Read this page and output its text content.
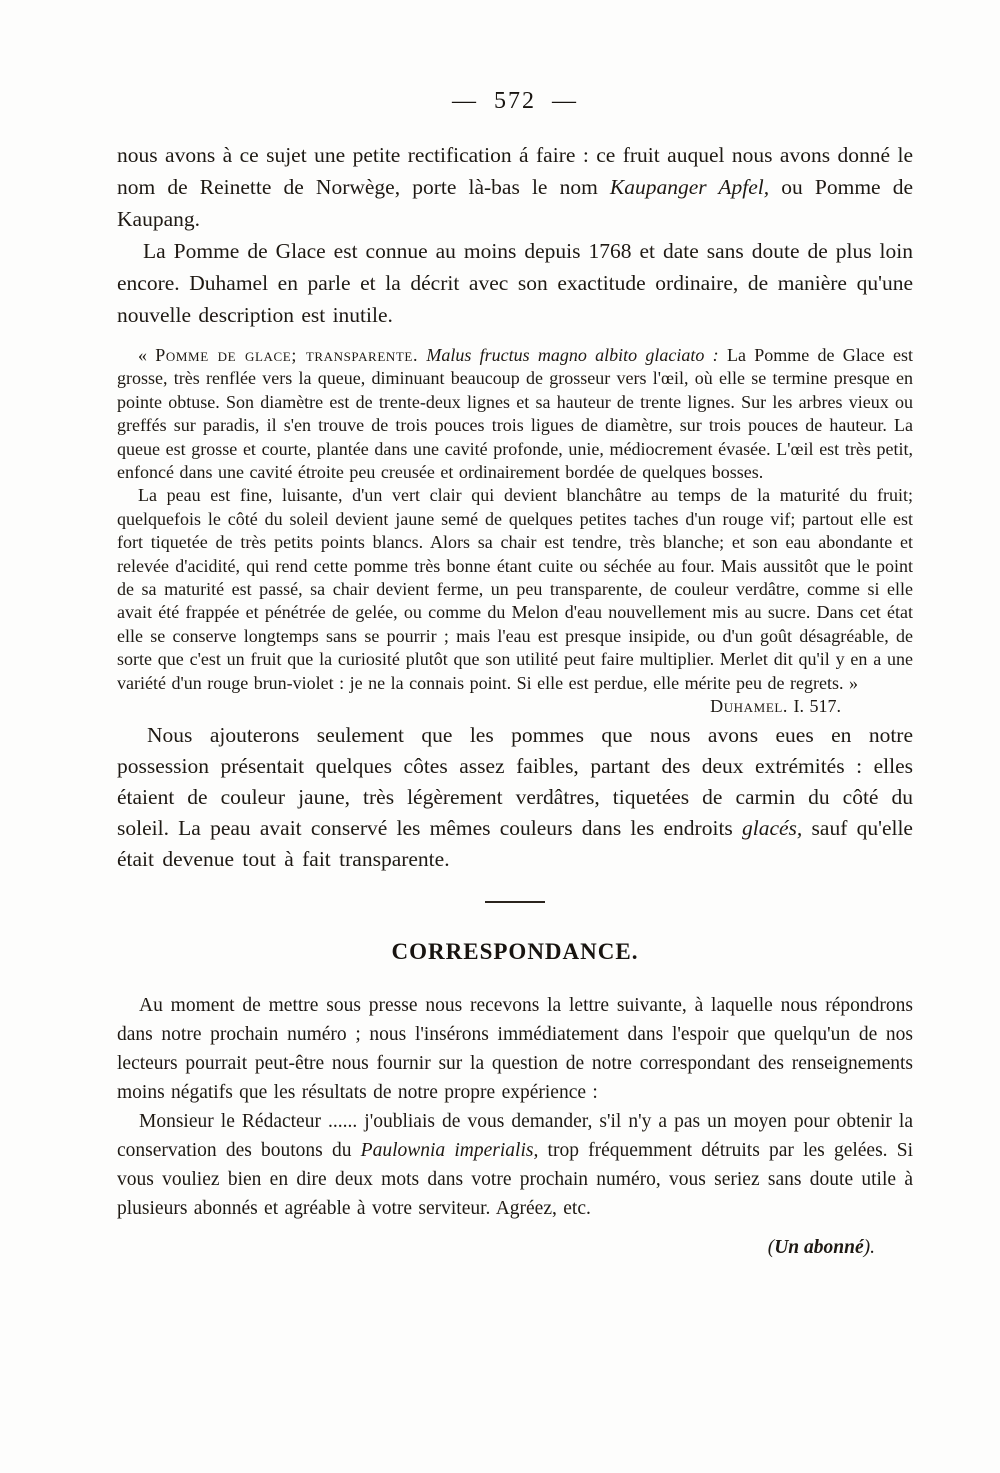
— 572 —

nous avons à ce sujet une petite rectification á faire : ce fruit auquel nous avons donné le nom de Reinette de Norwège, porte là-bas le nom Kaupanger Apfel, ou Pomme de Kaupang.

La Pomme de Glace est connue au moins depuis 1768 et date sans doute de plus loin encore. Duhamel en parle et la décrit avec son exactitude ordinaire, de manière qu'une nouvelle description est inutile.

« Pomme de glace; transparente. Malus fructus magno albito glaciato : La Pomme de Glace est grosse, très renflée vers la queue, diminuant beaucoup de grosseur vers l'œil, où elle se termine presque en pointe obtuse. Son diamètre est de trente-deux lignes et sa hauteur de trente lignes. Sur les arbres vieux ou greffés sur paradis, il s'en trouve de trois pouces trois ligues de diamètre, sur trois pouces de hauteur. La queue est grosse et courte, plantée dans une cavité profonde, unie, médiocrement évasée. L'œil est très petit, enfoncé dans une cavité étroite peu creusée et ordinairement bordée de quelques bosses.

La peau est fine, luisante, d'un vert clair qui devient blanchâtre au temps de la maturité du fruit; quelquefois le côté du soleil devient jaune semé de quelques petites taches d'un rouge vif; partout elle est fort tiquetée de très petits points blancs. Alors sa chair est tendre, très blanche; et son eau abondante et relevée d'acidité, qui rend cette pomme très bonne étant cuite ou séchée au four. Mais aussitôt que le point de sa maturité est passé, sa chair devient ferme, un peu transparente, de couleur verdâtre, comme si elle avait été frappée et pénétrée de gelée, ou comme du Melon d'eau nouvellement mis au sucre. Dans cet état elle se conserve longtemps sans se pourrir ; mais l'eau est presque insipide, ou d'un goût désagréable, de sorte que c'est un fruit que la curiosité plutôt que son utilité peut faire multiplier. Merlet dit qu'il y en a une variété d'un rouge brun-violet : je ne la connais point. Si elle est perdue, elle mérite peu de regrets. »
Duhamel. I. 517.

Nous ajouterons seulement que les pommes que nous avons eues en notre possession présentait quelques côtes assez faibles, partant des deux extrémités : elles étaient de couleur jaune, très légèrement verdâtres, tiquetées de carmin du côté du soleil. La peau avait conservé les mêmes couleurs dans les endroits glacés, sauf qu'elle était devenue tout à fait transparente.

CORRESPONDANCE.

Au moment de mettre sous presse nous recevons la lettre suivante, à laquelle nous répondrons dans notre prochain numéro ; nous l'insérons immédiatement dans l'espoir que quelqu'un de nos lecteurs pourrait peut-être nous fournir sur la question de notre correspondant des renseignements moins négatifs que les résultats de notre propre expérience :

Monsieur le Rédacteur ...... j'oubliais de vous demander, s'il n'y a pas un moyen pour obtenir la conservation des boutons du Paulownia imperialis, trop fréquemment détruits par les gelées. Si vous vouliez bien en dire deux mots dans votre prochain numéro, vous seriez sans doute utile à plusieurs abonnés et agréable à votre serviteur. Agréez, etc.

(Un abonné).
